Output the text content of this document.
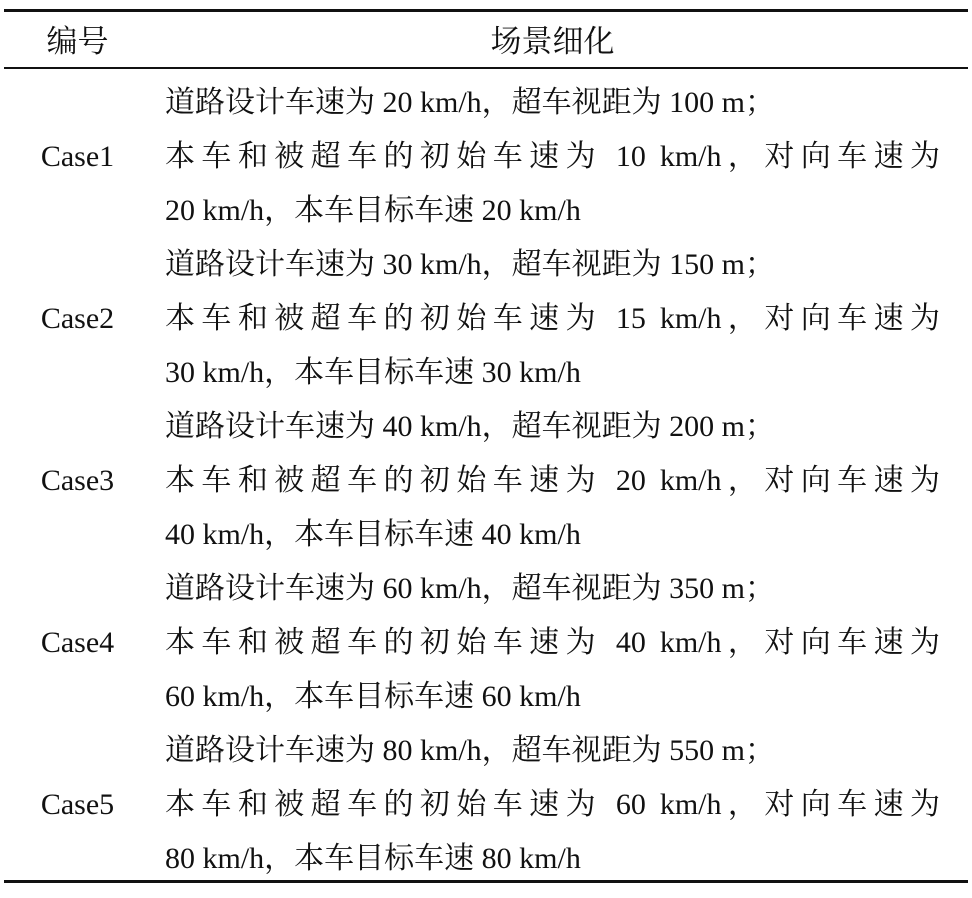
编号	场景细化
Case1
道路设计车速为 20 km/h，超车视距为 100 m；
本车和被超车的初始车速为 10 km/h，对向车速为
20 km/h，本车目标车速 20 km/h
Case2
道路设计车速为 30 km/h，超车视距为 150 m；
本车和被超车的初始车速为 15 km/h，对向车速为
30 km/h，本车目标车速 30 km/h
Case3
道路设计车速为 40 km/h，超车视距为 200 m；
本车和被超车的初始车速为 20 km/h，对向车速为
40 km/h，本车目标车速 40 km/h
Case4
道路设计车速为 60 km/h，超车视距为 350 m；
本车和被超车的初始车速为 40 km/h，对向车速为
60 km/h，本车目标车速 60 km/h
Case5
道路设计车速为 80 km/h，超车视距为 550 m；
本车和被超车的初始车速为 60 km/h，对向车速为
80 km/h，本车目标车速 80 km/h
